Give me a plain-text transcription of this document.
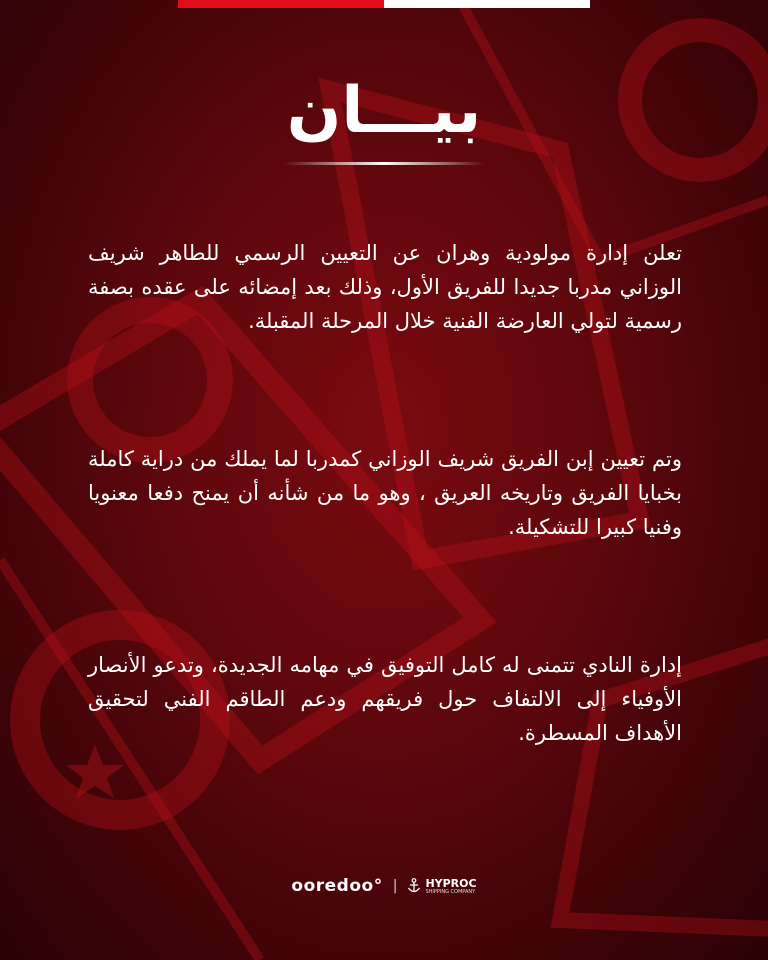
بيـــان
تعلن إدارة مولودية وهران عن التعيين الرسمي للطاهر شريف الوزاني مدربا جديدا للفريق الأول، وذلك بعد إمضائه على عقده بصفة رسمية لتولي العارضة الفنية خلال المرحلة المقبلة.
وتم تعيين إبن الفريق شريف الوزاني كمدربا لما يملك من دراية كاملة بخبايا الفريق وتاريخه العريق ، وهو ما من شأنه أن يمنح دفعا معنويا وفنيا كبيرا للتشكيلة.
إدارة النادي تتمنى له كامل التوفيق في مهامه الجديدة، وتدعو الأنصار الأوفياء إلى الالتفاف حول فريقهم ودعم الطاقم الفني لتحقيق الأهداف المسطرة.
ooredoo° |	HYPROC
SHIPPING COMPANY
